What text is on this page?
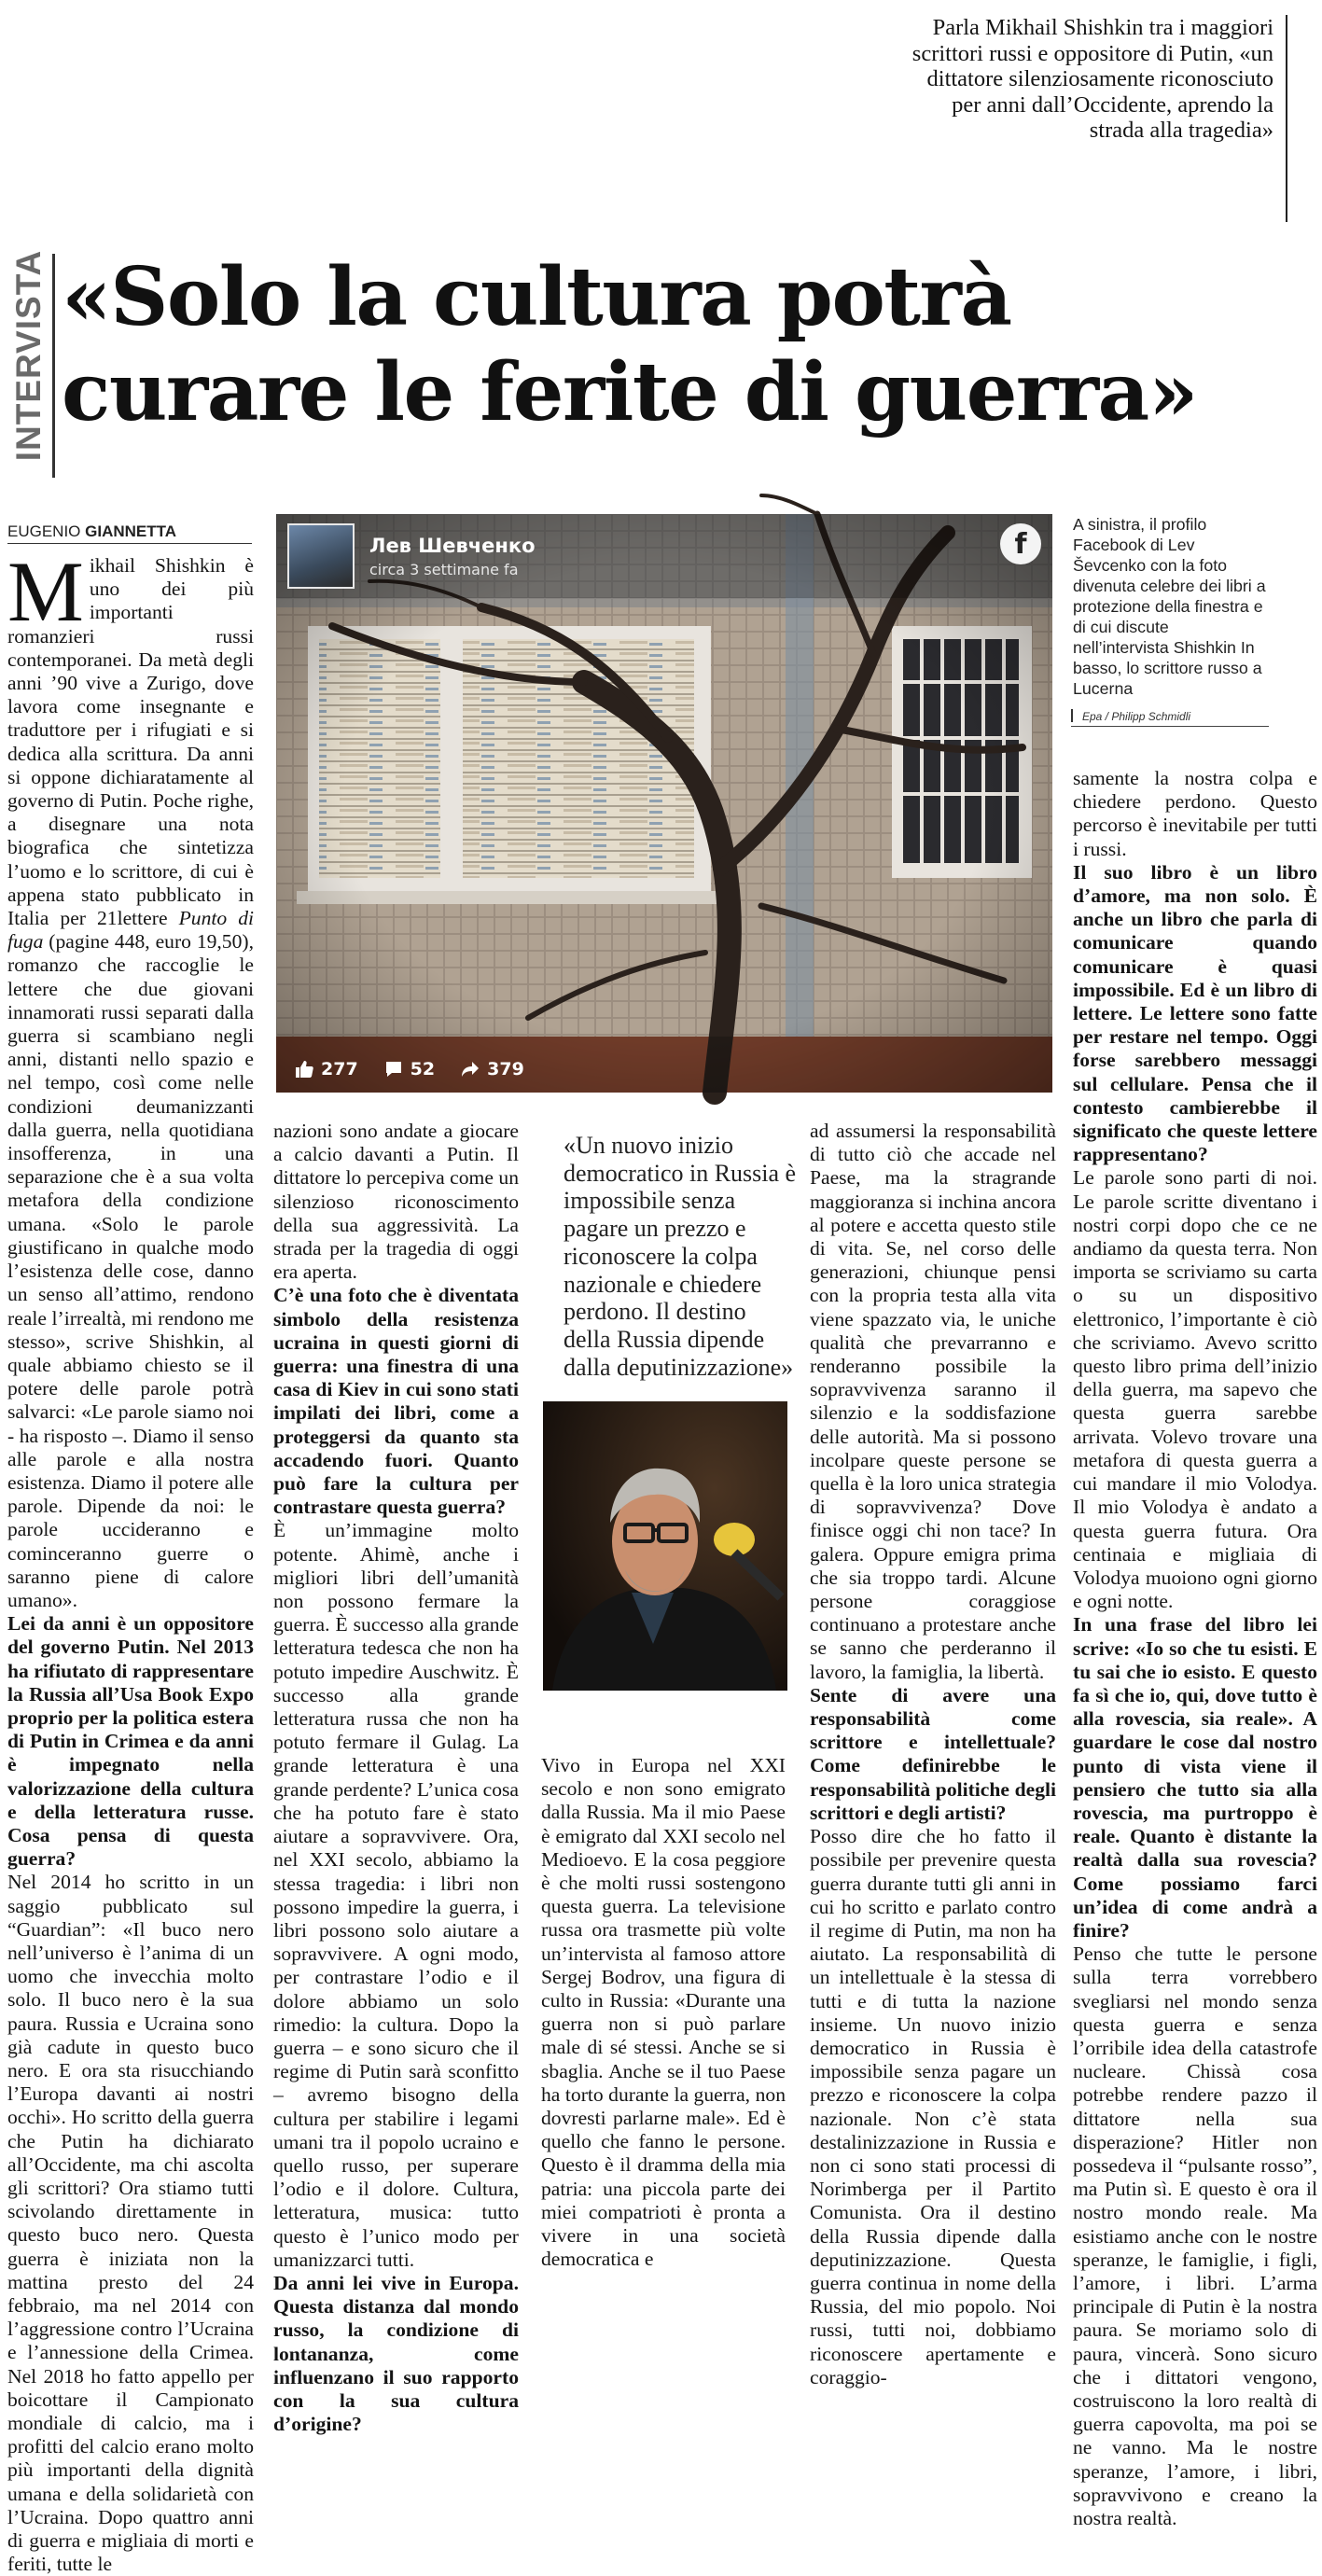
Parla Mikhail Shishkin tra i maggiori scrittori russi e oppositore di Putin, «un dittatore silenziosamente riconosciuto per anni dall’Occidente, aprendo la strada alla tragedia»
INTERVISTA «Solo la cultura potrà
curare le ferite di guerra»
EUGENIO GIANNETTA
Лев Шевченко
circa 3 settimane fa
f
277	52	379
A sinistra, il profilo Facebook di Lev Ševcenko con la foto divenuta celebre dei libri a protezione della finestra e di cui discute nell’intervista Shishkin In basso, lo scrittore russo a Lucerna
Epa / Philipp Schmidli
«Un nuovo inizio democratico in Russia è impossibile senza pagare un prezzo e riconoscere la colpa nazionale e chiedere perdono. Il destino della Russia dipende dalla deputinizzazione»

Mikhail Shishkin è uno dei più importanti romanzieri russi contemporanei. Da metà degli anni ’90 vive a Zurigo, dove lavora come insegnante e traduttore per i rifugiati e si dedica alla scrittura. Da anni si oppone dichiaratamente al governo di Putin. Poche righe, a disegnare una nota biografica che sintetizza l’uomo e lo scrittore, di cui è appena stato pubblicato in Italia per 21lettere Punto di fuga (pagine 448, euro 19,50), romanzo che raccoglie le lettere che due giovani innamorati russi separati dalla guerra si scambiano negli anni, distanti nello spazio e nel tempo, così come nelle condizioni deumanizzanti dalla guerra, nella quotidiana insofferenza, in una separazione che è a sua volta metafora della condizione umana. «Solo le parole giustificano in qualche modo l’esistenza delle cose, danno un senso all’attimo, rendono reale l’irrealtà, mi rendono me stesso», scrive Shishkin, al quale abbiamo chiesto se il potere delle parole potrà salvarci: «Le parole siamo noi - ha risposto –. Diamo il senso alle parole e alla nostra esistenza. Diamo il potere alle parole. Dipende da noi: le parole uccideranno e cominceranno guerre o saranno piene di calore umano».

Lei da anni è un oppositore del governo Putin. Nel 2013 ha rifiutato di rappresentare la Russia all’Usa Book Expo proprio per la politica estera di Putin in Crimea e da anni è impegnato nella valorizzazione della cultura e della letteratura russe. Cosa pensa di questa guerra?

Nel 2014 ho scritto in un saggio pubblicato sul “Guardian”: «Il buco nero nell’universo è l’anima di un uomo che invecchia molto solo. Il buco nero è la sua paura. Russia e Ucraina sono già cadute in questo buco nero. E ora sta risucchiando l’Europa davanti ai nostri occhi». Ho scritto della guerra che Putin ha dichiarato all’Occidente, ma chi ascolta gli scrittori? Ora stiamo tutti scivolando direttamente in questo buco nero. Questa guerra è iniziata non la mattina presto del 24 febbraio, ma nel 2014 con l’aggressione contro l’Ucraina e l’annessione della Crimea. Nel 2018 ho fatto appello per boicottare il Campionato mondiale di calcio, ma i profitti del calcio erano molto più importanti della dignità umana e della solidarietà con l’Ucraina. Dopo quattro anni di guerra e migliaia di morti e feriti, tutte le

nazioni sono andate a giocare a calcio davanti a Putin. Il dittatore lo percepiva come un silenzioso riconoscimento della sua aggressività. La strada per la tragedia di oggi era aperta.

C’è una foto che è diventata simbolo della resistenza ucraina in questi giorni di guerra: una finestra di una casa di Kiev in cui sono stati impilati dei libri, come a proteggersi da quanto sta accadendo fuori. Quanto può fare la cultura per contrastare questa guerra?

È un’immagine molto potente. Ahimè, anche i migliori libri dell’umanità non possono fermare la guerra. È successo alla grande letteratura tedesca che non ha potuto impedire Auschwitz. È successo alla grande letteratura russa che non ha potuto fermare il Gulag. La grande letteratura è una grande perdente? L’unica cosa che ha potuto fare è stato aiutare a sopravvivere. Ora, nel XXI secolo, abbiamo la stessa tragedia: i libri non possono impedire la guerra, i libri possono solo aiutare a sopravvivere. A ogni modo, per contrastare l’odio e il dolore abbiamo un solo rimedio: la cultura. Dopo la guerra – e sono sicuro che il regime di Putin sarà sconfitto – avremo bisogno della cultura per stabilire i legami umani tra il popolo ucraino e quello russo, per superare l’odio e il dolore. Cultura, letteratura, musica: tutto questo è l’unico modo per umanizzarci tutti.

Da anni lei vive in Europa. Questa distanza dal mondo russo, la condizione di lontananza, come influenzano il suo rapporto con la sua cultura d’origine?

Vivo in Europa nel XXI secolo e non sono emigrato dalla Russia. Ma il mio Paese è emigrato dal XXI secolo nel Medioevo. E la cosa peggiore è che molti russi sostengono questa guerra. La televisione russa ora trasmette più volte un’intervista al famoso attore Sergej Bodrov, una figura di culto in Russia: «Durante una guerra non si può parlare male di sé stessi. Anche se si sbaglia. Anche se il tuo Paese ha torto durante la guerra, non dovresti parlarne male». Ed è quello che fanno le persone. Questo è il dramma della mia patria: una piccola parte dei miei compatrioti è pronta a vivere in una società democratica e

ad assumersi la responsabilità di tutto ciò che accade nel Paese, ma la stragrande maggioranza si inchina ancora al potere e accetta questo stile di vita. Se, nel corso delle generazioni, chiunque pensi con la propria testa alla vita viene spazzato via, le uniche qualità che prevarranno e renderanno possibile la sopravvivenza saranno il silenzio e la soddisfazione delle autorità. Ma si possono incolpare queste persone se quella è la loro unica strategia di sopravvivenza? Dove finisce oggi chi non tace? In galera. Oppure emigra prima che sia troppo tardi. Alcune persone coraggiose continuano a protestare anche se sanno che perderanno il lavoro, la famiglia, la libertà.

Sente di avere una responsabilità come scrittore e intellettuale? Come definirebbe le responsabilità politiche degli scrittori e degli artisti?

Posso dire che ho fatto il possibile per prevenire questa guerra durante tutti gli anni in cui ho scritto e parlato contro il regime di Putin, ma non ha aiutato. La responsabilità di un intellettuale è la stessa di tutti e di tutta la nazione insieme. Un nuovo inizio democratico in Russia è impossibile senza pagare un prezzo e riconoscere la colpa nazionale. Non c’è stata destalinizzazione in Russia e non ci sono stati processi di Norimberga per il Partito Comunista. Ora il destino della Russia dipende dalla deputinizzazione. Questa guerra continua in nome della Russia, del mio popolo. Noi russi, tutti noi, dobbiamo riconoscere apertamente e coraggio-

samente la nostra colpa e chiedere perdono. Questo percorso è inevitabile per tutti i russi.

Il suo libro è un libro d’amore, ma non solo. È anche un libro che parla di comunicare quando comunicare è quasi impossibile. Ed è un libro di lettere. Le lettere sono fatte per restare nel tempo. Oggi forse sarebbero messaggi sul cellulare. Pensa che il contesto cambierebbe il significato che queste lettere rappresentano?

Le parole sono parti di noi. Le parole scritte diventano i nostri corpi dopo che ce ne andiamo da questa terra. Non importa se scriviamo su carta o su un dispositivo elettronico, l’importante è ciò che scriviamo. Avevo scritto questo libro prima dell’inizio della guerra, ma sapevo che questa guerra sarebbe arrivata. Volevo trovare una metafora di questa guerra a cui mandare il mio Volodya. Il mio Volodya è andato a questa guerra futura. Ora centinaia e migliaia di Volodya muoiono ogni giorno e ogni notte.

In una frase del libro lei scrive: «Io so che tu esisti. E tu sai che io esisto. E questo fa sì che io, qui, dove tutto è alla rovescia, sia reale». A guardare le cose dal nostro punto di vista viene il pensiero che tutto sia alla rovescia, ma purtroppo è reale. Quanto è distante la realtà dalla sua rovescia? Come possiamo farci un’idea di come andrà a finire?

Penso che tutte le persone sulla terra vorrebbero svegliarsi nel mondo senza questa guerra e senza l’orribile idea della catastrofe nucleare. Chissà cosa potrebbe rendere pazzo il dittatore nella sua disperazione? Hitler non possedeva il “pulsante rosso”, ma Putin sì. E questo è ora il nostro mondo reale. Ma esistiamo anche con le nostre speranze, le famiglie, i figli, l’amore, i libri. L’arma principale di Putin è la nostra paura. Se moriamo solo di paura, vincerà. Sono sicuro che i dittatori vengono, costruiscono la loro realtà di guerra capovolta, ma poi se ne vanno. Ma le nostre speranze, l’amore, i libri, sopravvivono e creano la nostra realtà.
